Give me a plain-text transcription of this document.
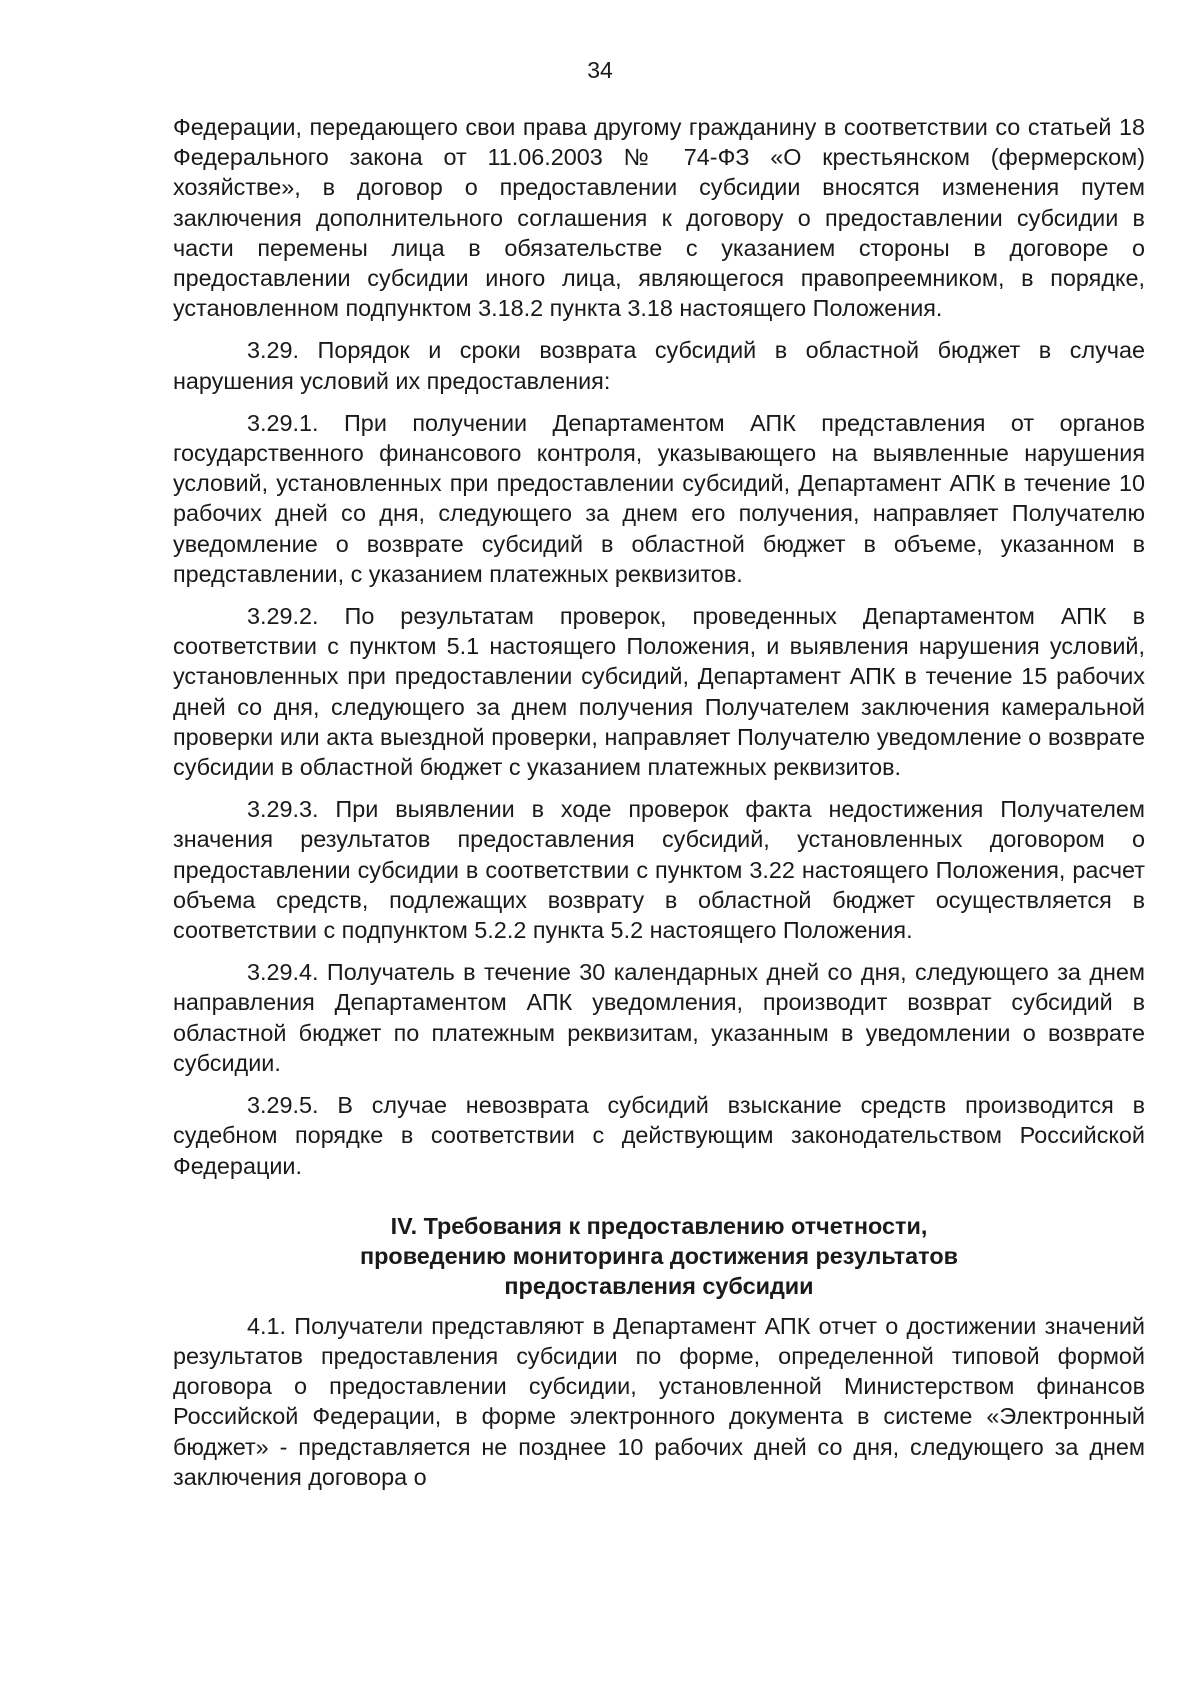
34

Федерации, передающего свои права другому гражданину в соответствии со статьей 18 Федерального закона от 11.06.2003 № 74-ФЗ «О крестьянском (фермерском) хозяйстве», в договор о предоставлении субсидии вносятся изменения путем заключения дополнительного соглашения к договору о предоставлении субсидии в части перемены лица в обязательстве с указанием стороны в договоре о предоставлении субсидии иного лица, являющегося правопреемником, в порядке, установленном подпунктом 3.18.2 пункта 3.18 настоящего Положения.

3.29. Порядок и сроки возврата субсидий в областной бюджет в случае нарушения условий их предоставления:

3.29.1. При получении Департаментом АПК представления от органов государственного финансового контроля, указывающего на выявленные нарушения условий, установленных при предоставлении субсидий, Департамент АПК в течение 10 рабочих дней со дня, следующего за днем его получения, направляет Получателю уведомление о возврате субсидий в областной бюджет в объеме, указанном в представлении, с указанием платежных реквизитов.

3.29.2. По результатам проверок, проведенных Департаментом АПК в соответствии с пунктом 5.1 настоящего Положения, и выявления нарушения условий, установленных при предоставлении субсидий, Департамент АПК в течение 15 рабочих дней со дня, следующего за днем получения Получателем заключения камеральной проверки или акта выездной проверки, направляет Получателю уведомление о возврате субсидии в областной бюджет с указанием платежных реквизитов.

3.29.3. При выявлении в ходе проверок факта недостижения Получателем значения результатов предоставления субсидий, установленных договором о предоставлении субсидии в соответствии с пунктом 3.22 настоящего Положения, расчет объема средств, подлежащих возврату в областной бюджет осуществляется в соответствии с подпунктом 5.2.2 пункта 5.2 настоящего Положения.

3.29.4. Получатель в течение 30 календарных дней со дня, следующего за днем направления Департаментом АПК уведомления, производит возврат субсидий в областной бюджет по платежным реквизитам, указанным в уведомлении о возврате субсидии.

3.29.5. В случае невозврата субсидий взыскание средств производится в судебном порядке в соответствии с действующим законодательством Российской Федерации.

IV. Требования к предоставлению отчетности,
проведению мониторинга достижения результатов
предоставления субсидии

4.1. Получатели представляют в Департамент АПК отчет о достижении значений результатов предоставления субсидии по форме, определенной типовой формой договора о предоставлении субсидии, установленной Министерством финансов Российской Федерации, в форме электронного документа в системе «Электронный бюджет» - представляется не позднее 10 рабочих дней со дня, следующего за днем заключения договора о
